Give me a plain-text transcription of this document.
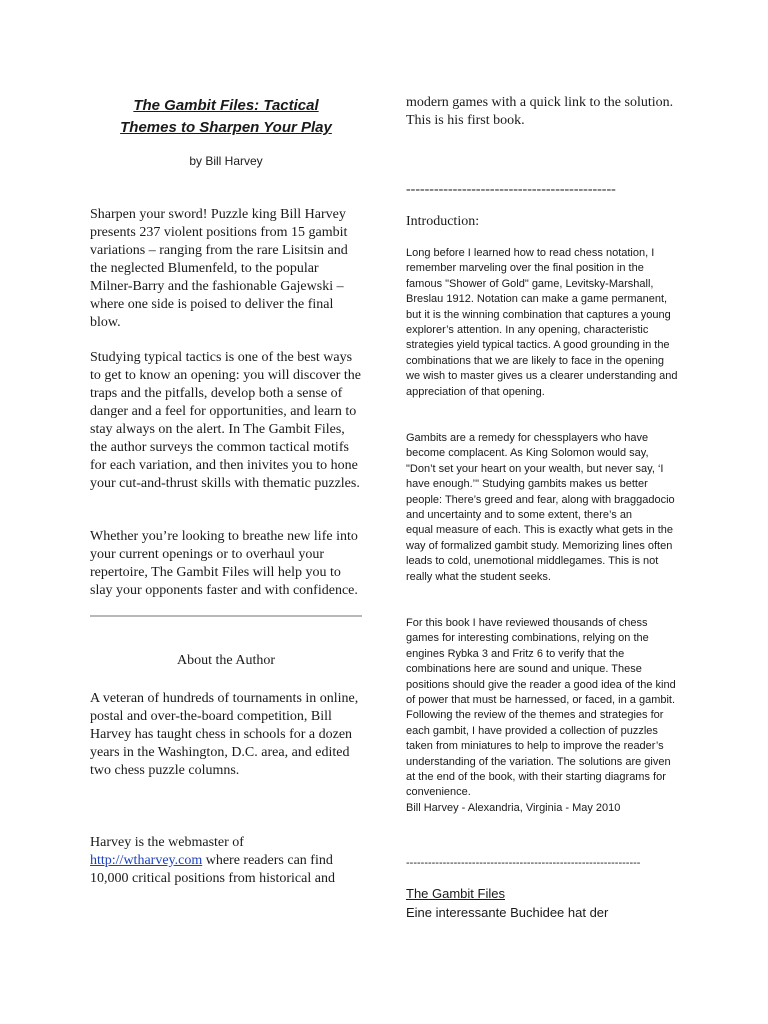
The Gambit Files: Tactical
Themes to Sharpen Your Play

by Bill Harvey

Sharpen your sword! Puzzle king Bill Harvey presents 237 violent positions from 15 gambit variations – ranging from the rare Lisitsin and the neglected Blumenfeld, to the popular Milner-Barry and the fashionable Gajewski – where one side is poised to deliver the final blow.

Studying typical tactics is one of the best ways to get to know an opening: you will discover the traps and the pitfalls, develop both a sense of danger and a feel for opportunities, and learn to stay always on the alert. In The Gambit Files, the author surveys the common tactical motifs for each variation, and then inivites you to hone your cut-and-thrust skills with thematic puzzles.

Whether you’re looking to breathe new life into your current openings or to overhaul your repertoire, The Gambit Files will help you to slay your opponents faster and with confidence.

About the Author

A veteran of hundreds of tournaments in online, postal and over-the-board competition, Bill Harvey has taught chess in schools for a dozen years in the Washington, D.C. area, and edited two chess puzzle columns.

Harvey is the webmaster of
http://wtharvey.com where readers can find 10,000 critical positions from historical and

modern games with a quick link to the solution. This is his first book.

---------------------------------------------

Introduction:

Long before I learned how to read chess notation, I remember marveling over the final position in the famous "Shower of Gold" game, Levitsky-Marshall, Breslau 1912. Notation can make a game permanent, but it is the winning combination that captures a young explorer’s attention. In any opening, characteristic

strategies yield typical tactics. A good grounding in the combinations that we are likely to face in the opening we wish to master gives us a clearer understanding and appreciation of that opening.

Gambits are a remedy for chessplayers who have become complacent. As King Solomon would say, "Don’t set your heart on your wealth, but never say, ‘I have enough.’" Studying gambits makes us better people: There’s greed and fear, along with braggadocio and uncertainty and to some extent, there’s an

equal measure of each. This is exactly what gets in the way of formalized gambit study. Memorizing lines often leads to cold, unemotional middlegames. This is not really what the student seeks.

For this book I have reviewed thousands of chess games for interesting combinations, relying on the engines Rybka 3 and Fritz 6 to verify that the combinations here are sound and unique. These positions should give the reader a good idea of the kind of power that must be harnessed, or faced, in a gambit. Following the review of the themes and strategies for each gambit, I have provided a collection of puzzles taken from miniatures to help to improve the reader’s understanding of the variation. The solutions are given at the end of the book, with their starting diagrams for convenience.

Bill Harvey - Alexandria, Virginia - May 2010

----------------------------------------------------------------

The Gambit Files

Eine interessante Buchidee hat der
